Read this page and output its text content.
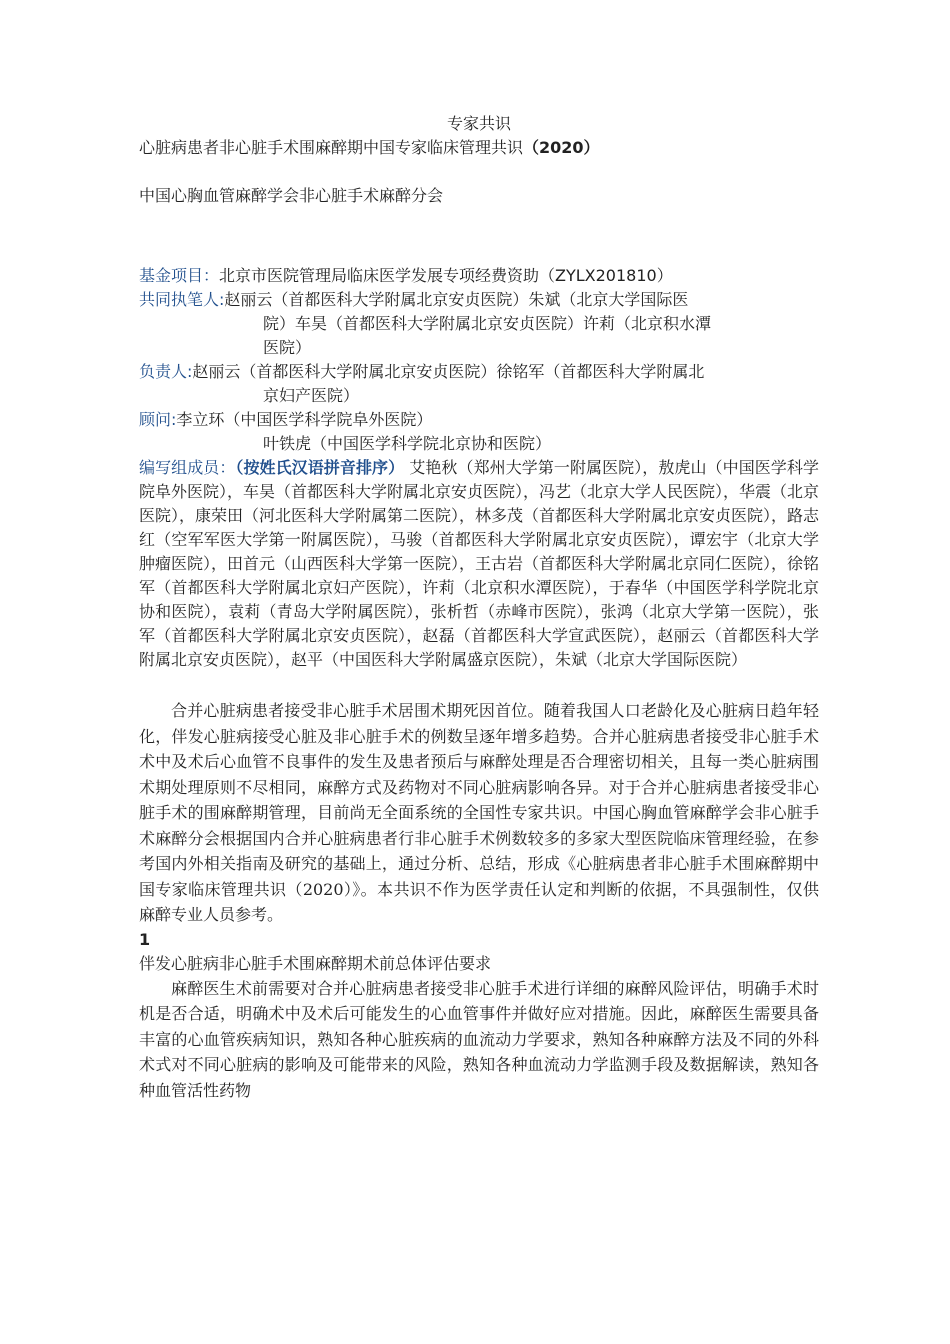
专家共识
心脏病患者非心脏手术围麻醉期中国专家临床管理共识（2020）
中国心胸血管麻醉学会非心脏手术麻醉分会
基金项目： 北京市医院管理局临床医学发展专项经费资助（ZYLX201810）
共同执笔人: 赵丽云（首都医科大学附属北京安贞医院）朱斌（北京大学国际医
院）车昊（首都医科大学附属北京安贞医院）许莉（北京积水潭
医院）
负责人: 赵丽云（首都医科大学附属北京安贞医院）徐铭军（首都医科大学附属北
京妇产医院）
顾问: 李立环（中国医学科学院阜外医院）
叶铁虎（中国医学科学院北京协和医院）
编写组成员：（按姓氏汉语拼音排序） 艾艳秋（郑州大学第一附属医院），敖虎山（中国医学科学院阜外医院），车昊（首都医科大学附属北京安贞医院），冯艺（北京大学人民医院），华震（北京医院），康荣田（河北医科大学附属第二医院），林多茂（首都医科大学附属北京安贞医院），路志红（空军军医大学第一附属医院），马骏（首都医科大学附属北京安贞医院），谭宏宇（北京大学肿瘤医院），田首元（山西医科大学第一医院），王古岩（首都医科大学附属北京同仁医院），徐铭军（首都医科大学附属北京妇产医院），许莉（北京积水潭医院），于春华（中国医学科学院北京协和医院），袁莉（青岛大学附属医院），张析哲（赤峰市医院），张鸿（北京大学第一医院），张军（首都医科大学附属北京安贞医院），赵磊（首都医科大学宣武医院），赵丽云（首都医科大学附属北京安贞医院），赵平（中国医科大学附属盛京医院），朱斌（北京大学国际医院）
合并心脏病患者接受非心脏手术居围术期死因首位。随着我国人口老龄化及心脏病日趋年轻化，伴发心脏病接受心脏及非心脏手术的例数呈逐年增多趋势。合并心脏病患者接受非心脏手术术中及术后心血管不良事件的发生及患者预后与麻醉处理是否合理密切相关，且每一类心脏病围术期处理原则不尽相同，麻醉方式及药物对不同心脏病影响各异。对于合并心脏病患者接受非心脏手术的围麻醉期管理，目前尚无全面系统的全国性专家共识。中国心胸血管麻醉学会非心脏手术麻醉分会根据国内合并心脏病患者行非心脏手术例数较多的多家大型医院临床管理经验，在参考国内外相关指南及研究的基础上，通过分析、总结，形成《心脏病患者非心脏手术围麻醉期中国专家临床管理共识（2020）》。本共识不作为医学责任认定和判断的依据，不具强制性，仅供麻醉专业人员参考。
1
伴发心脏病非心脏手术围麻醉期术前总体评估要求
麻醉医生术前需要对合并心脏病患者接受非心脏手术进行详细的麻醉风险评估，明确手术时机是否合适，明确术中及术后可能发生的心血管事件并做好应对措施。因此，麻醉医生需要具备丰富的心血管疾病知识，熟知各种心脏疾病的血流动力学要求，熟知各种麻醉方法及不同的外科术式对不同心脏病的影响及可能带来的风险，熟知各种血流动力学监测手段及数据解读，熟知各种血管活性药物
